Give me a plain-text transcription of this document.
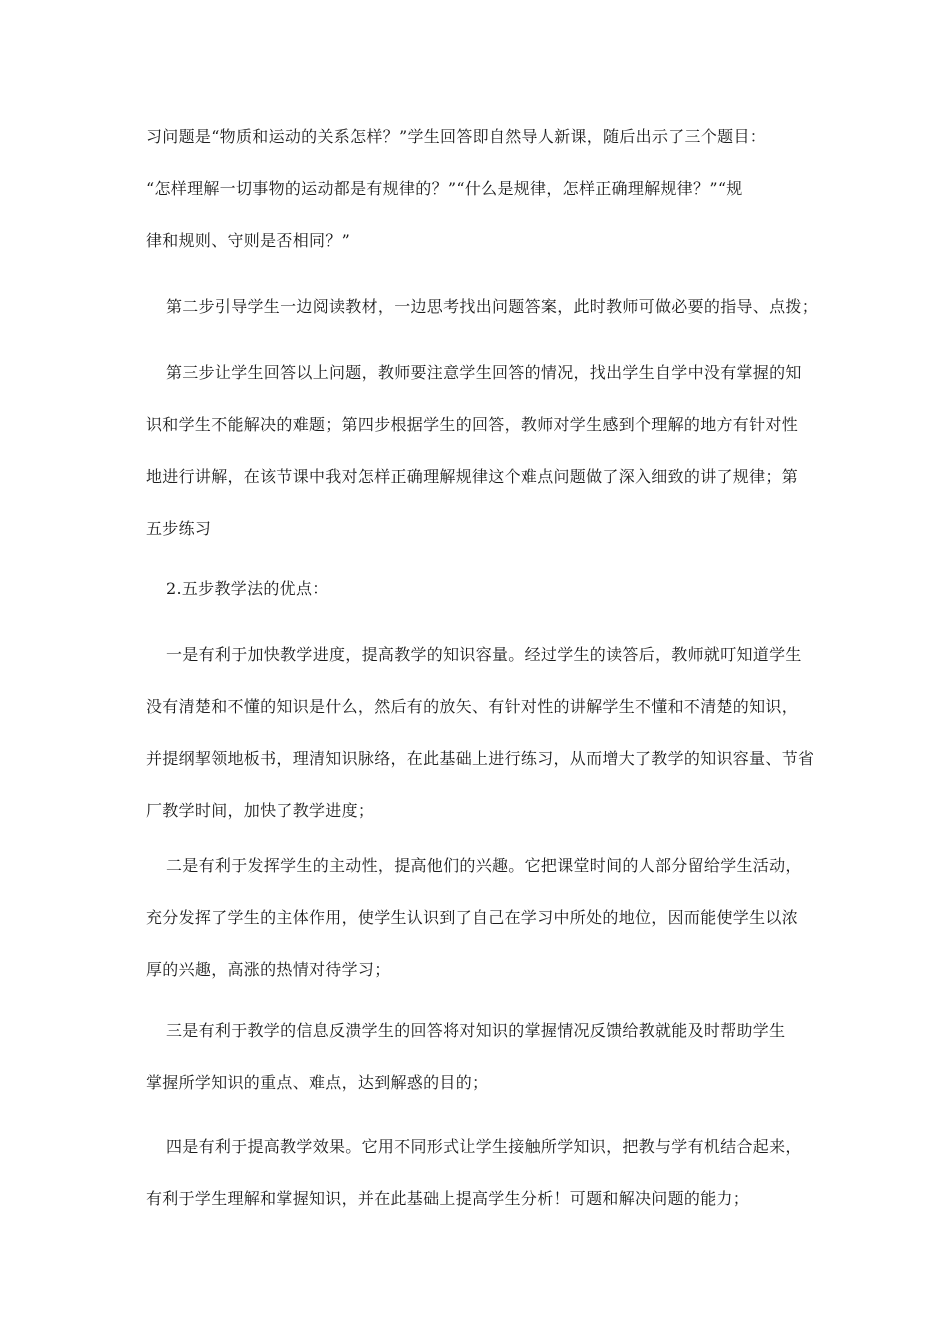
习问题是“物质和运动的关系怎样？”学生回答即自然导人新课，随后出示了三个题目：
“怎样理解一切事物的运动都是有规律的？”“什么是规律，怎样正确理解规律？”“规
律和规则、守则是否相同？”
第二步引导学生一边阅读教材，一边思考找出问题答案，此时教师可做必要的指导、点拨；
第三步让学生回答以上问题，教师要注意学生回答的情况，找出学生自学中没有掌握的知
识和学生不能解决的难题；第四步根据学生的回答，教师对学生感到个理解的地方有针对性
地进行讲解，在该节课中我对怎样正确理解规律这个难点问题做了深入细致的讲了规律；第
五步练习
2.五步教学法的优点：
一是有利于加快教学进度，提高教学的知识容量。经过学生的读答后，教师就叮知道学生
没有清楚和不懂的知识是什么，然后有的放矢、有针对性的讲解学生不懂和不清楚的知识，
并提纲挈领地板书，理清知识脉络，在此基础上进行练习，从而增大了教学的知识容量、节省
厂教学时间，加快了教学进度；
二是有利于发挥学生的主动性，提高他们的兴趣。它把课堂时间的人部分留给学生活动，
充分发挥了学生的主体作用，使学生认识到了自己在学习中所处的地位，因而能使学生以浓
厚的兴趣，高涨的热情对待学习；
三是有利于教学的信息反溃学生的回答将对知识的掌握情况反馈给教就能及时帮助学生
掌握所学知识的重点、难点，达到解惑的目的；
四是有利于提高教学效果。它用不同形式让学生接触所学知识，把教与学有机结合起来，
有利于学生理解和掌握知识，并在此基础上提高学生分析！可题和解决问题的能力；
